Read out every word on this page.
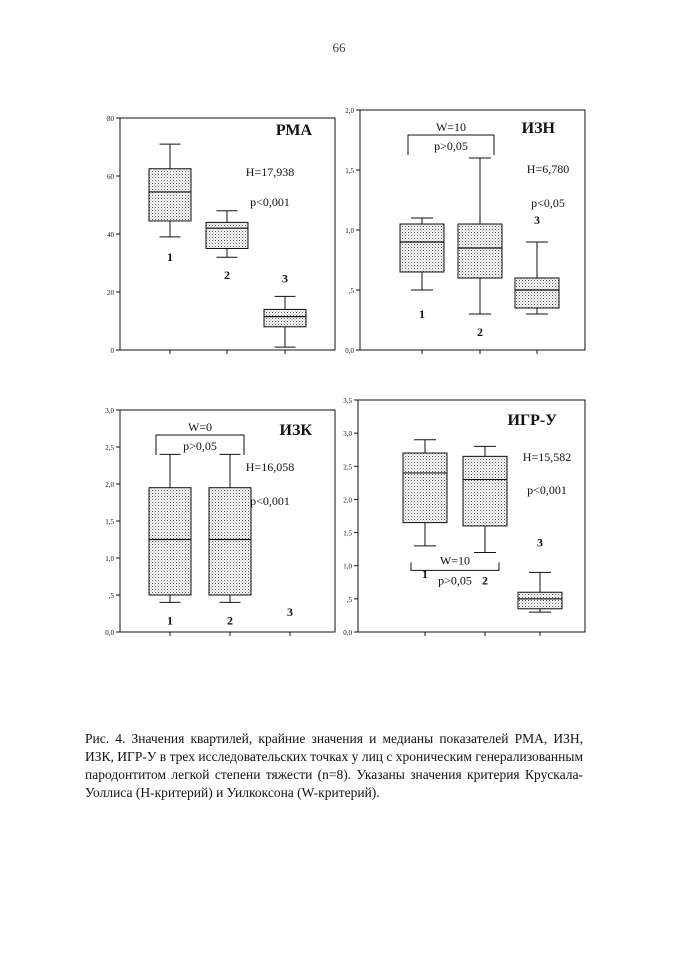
66
0
20
40
60
80
1
2	3
РМА
H=17,938
p<0,001
0,0
,5
1,0
1,5
2,0
1
2
3
ИЗН
H=6,780
p<0,05
W=10
p>0,05
0,0
,5
1,0
1,5
2,0
2,5
3,0
1	2
3
ИЗК
H=16,058
p<0,001
W=0
p>0,05
0,0
,5
1,0
1,5
2,0
2,5
3,0
3,5
1	2
3
ИГР-У
H=15,582
p<0,001
W=10
p>0,05
Рис. 4. Значения квартилей, крайние значения и медианы показателей РМА, ИЗН, ИЗК, ИГР-У в трех исследовательских точках у лиц с хроническим генерализованным пародонтитом легкой степени тяжести (n=8). Указаны значения критерия Крускала-Уоллиса (Н-критерий) и Уилкоксона (W-критерий).
